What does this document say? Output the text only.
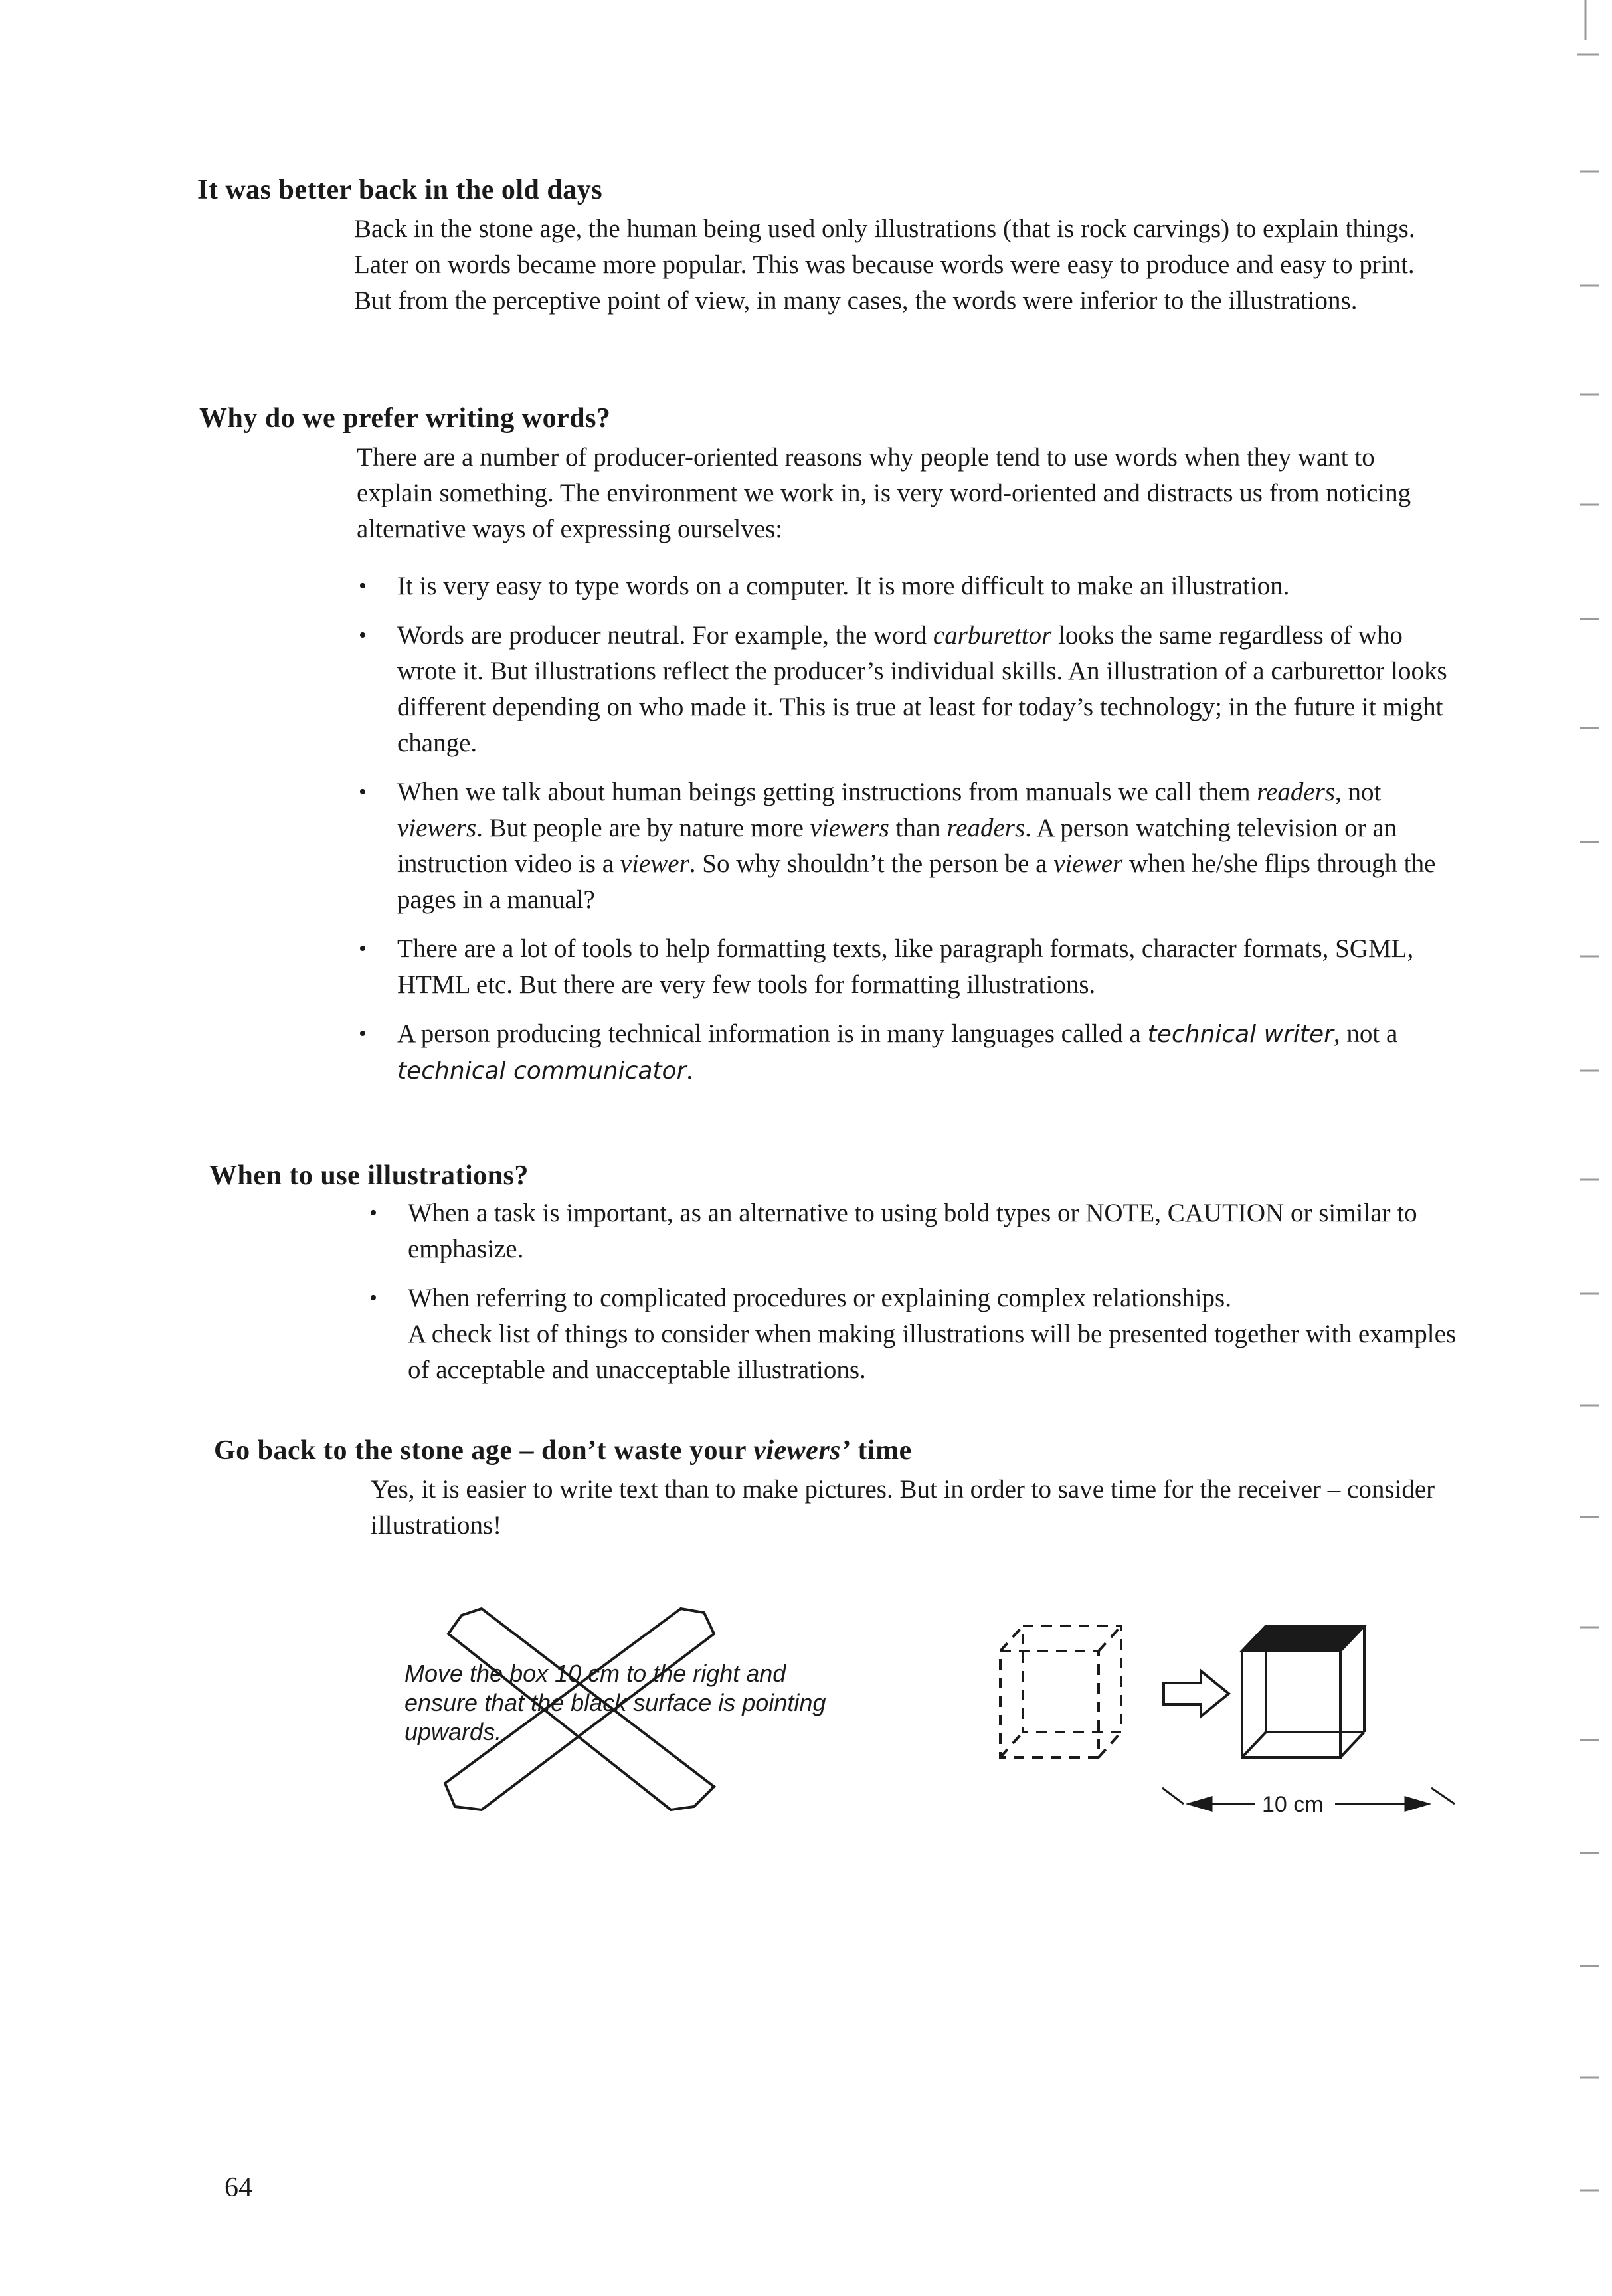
It was better back in the old days

Back in the stone age, the human being used only illustrations (that is rock carvings) to explain things. Later on words became more popular. This was because words were easy to produce and easy to print. But from the perceptive point of view, in many cases, the words were inferior to the illustrations.

Why do we prefer writing words?

There are a number of producer-oriented reasons why people tend to use words when they want to explain something. The environment we work in, is very word-oriented and distracts us from noticing alternative ways of expressing ourselves:

• It is very easy to type words on a computer. It is more difficult to make an illustration.
• Words are producer neutral. For example, the word carburettor looks the same regardless of who wrote it. But illustrations reflect the producer’s individual skills. An illustration of a carburettor looks different depending on who made it. This is true at least for today’s technology; in the future it might change.
• When we talk about human beings getting instructions from manuals we call them readers, not viewers. But people are by nature more viewers than readers. A person watching television or an instruction video is a viewer. So why shouldn’t the person be a viewer when he/she flips through the pages in a manual?
• There are a lot of tools to help formatting texts, like paragraph formats, character formats, SGML, HTML etc. But there are very few tools for formatting illustrations.
• A person producing technical information is in many languages called a technical writer, not a technical communicator.
When to use illustrations?
• When a task is important, as an alternative to using bold types or NOTE, CAUTION or similar to emphasize.
• When referring to complicated procedures or explaining complex relationships.
A check list of things to consider when making illustrations will be presented together with examples of acceptable and unacceptable illustrations.
Go back to the stone age – don’t waste your viewers’ time

Yes, it is easier to write text than to make pictures. But in order to save time for the receiver – consider illustrations!

Move the box 10 cm to the right and ensure that the black surface is pointing upwards.
10 cm
64
